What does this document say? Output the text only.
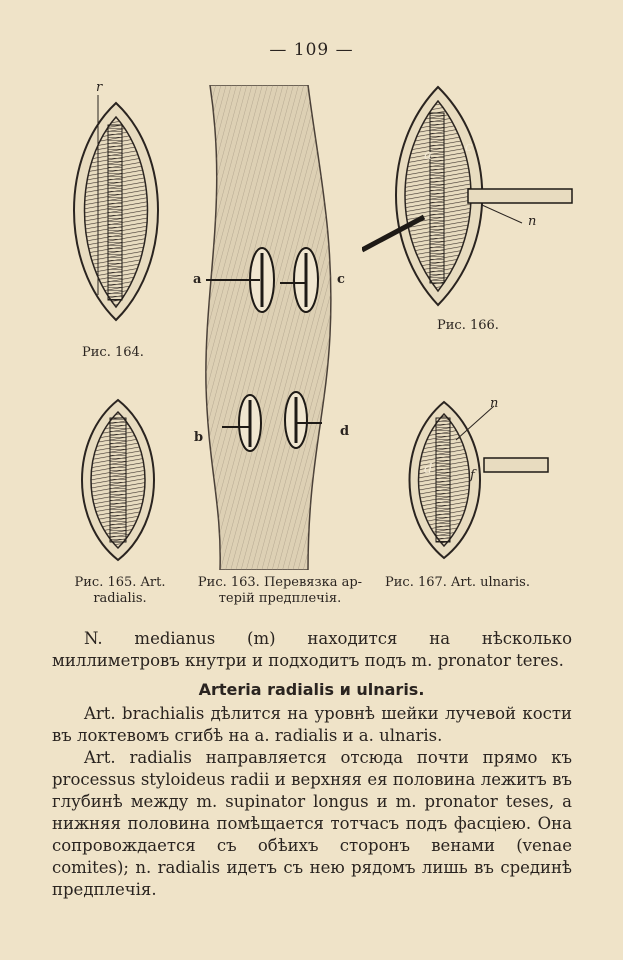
— 109 —
r
Рис. 164.
a	c
b	d
Рис. 163. Перевязка ар-
терій предплечія.
a
c
n
Рис. 166.
Рис. 165. Art.
radialis.
n
d	f
Рис. 167. Art. ulnaris.
N. medianus (m) находится на нѣсколько миллиметровъ кнутри и подходитъ подъ m. pronator teres.
Arteria radialis и ulnaris.
Art. brachialis дѣлится на уровнѣ шейки лучевой кости въ локтевомъ сгибѣ на a. radialis и a. ulnaris.
Art. radialis направляется отсюда почти прямо къ processus styloideus radii и верхняя ея половина лежитъ въ глубинѣ между m. supinator longus и m. pronator teses, а нижняя половина помѣщается тотчасъ подъ фасціею. Она сопровождается съ обѣихъ сторонъ венами (venae comites); n. radialis идетъ съ нею рядомъ лишь въ срединѣ предплечія.
